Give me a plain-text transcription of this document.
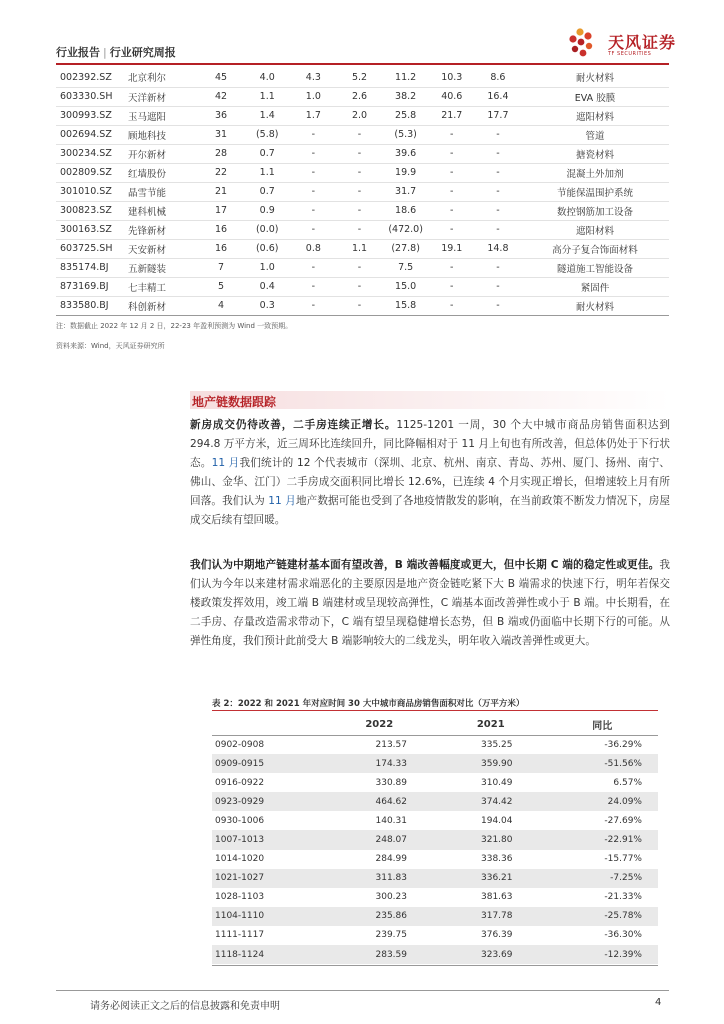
行业报告 | 行业研究周报
天风证券
TF SECURITIES
002392.SZ	北京利尔	45	4.0	4.3	5.2	11.2	10.3	8.6	耐火材料
603330.SH	天洋新材	42	1.1	1.0	2.6	38.2	40.6	16.4	EVA 胶膜
300993.SZ	玉马遮阳	36	1.4	1.7	2.0	25.8	21.7	17.7	遮阳材料
002694.SZ	顾地科技	31	(5.8)	-	-	(5.3)	-	-	管道
300234.SZ	开尔新材	28	0.7	-	-	39.6	-	-	搪瓷材料
002809.SZ	红墙股份	22	1.1	-	-	19.9	-	-	混凝土外加剂
301010.SZ	晶雪节能	21	0.7	-	-	31.7	-	-	节能保温围护系统
300823.SZ	建科机械	17	0.9	-	-	18.6	-	-	数控钢筋加工设备
300163.SZ	先锋新材	16	(0.0)	-	-	(472.0)	-	-	遮阳材料
603725.SH	天安新材	16	(0.6)	0.8	1.1	(27.8)	19.1	14.8	高分子复合饰面材料
835174.BJ	五新隧装	7	1.0	-	-	7.5	-	-	隧道施工智能设备
873169.BJ	七丰精工	5	0.4	-	-	15.0	-	-	紧固件
833580.BJ	科创新材	4	0.3	-	-	15.8	-	-	耐火材料
注：数据截止 2022 年 12 月 2 日，22-23 年盈利预测为 Wind 一致预期。
资料来源：Wind，天风证券研究所
地产链数据跟踪
新房成交仍待改善，二手房连续正增长。1125-1201 一周，30 个大中城市商品房销售面积达到 294.8 万平方米，近三周环比连续回升，同比降幅相对于 11 月上旬也有所改善，但总体仍处于下行状态。11 月我们统计的 12 个代表城市（深圳、北京、杭州、南京、青岛、苏州、厦门、扬州、南宁、佛山、金华、江门）二手房成交面积同比增长 12.6%，已连续 4 个月实现正增长，但增速较上月有所回落。我们认为 11 月地产数据可能也受到了各地疫情散发的影响，在当前政策不断发力情况下，房屋成交后续有望回暖。
我们认为中期地产链建材基本面有望改善，B 端改善幅度或更大，但中长期 C 端的稳定性或更佳。我们认为今年以来建材需求端恶化的主要原因是地产资金链吃紧下大 B 端需求的快速下行，明年若保交楼政策发挥效用，竣工端 B 端建材或呈现较高弹性，C 端基本面改善弹性或小于 B 端。中长期看，在二手房、存量改造需求带动下，C 端有望呈现稳健增长态势，但 B 端或仍面临中长期下行的可能。从弹性角度，我们预计此前受大 B 端影响较大的二线龙头，明年收入端改善弹性或更大。
表 2：2022 和 2021 年对应时间 30 大中城市商品房销售面积对比（万平方米）
	2022	2021	同比
0902-0908	213.57	335.25	-36.29%
0909-0915	174.33	359.90	-51.56%
0916-0922	330.89	310.49	6.57%
0923-0929	464.62	374.42	24.09%
0930-1006	140.31	194.04	-27.69%
1007-1013	248.07	321.80	-22.91%
1014-1020	284.99	338.36	-15.77%
1021-1027	311.83	336.21	-7.25%
1028-1103	300.23	381.63	-21.33%
1104-1110	235.86	317.78	-25.78%
1111-1117	239.75	376.39	-36.30%
1118-1124	283.59	323.69	-12.39%
请务必阅读正文之后的信息披露和免责申明	4
